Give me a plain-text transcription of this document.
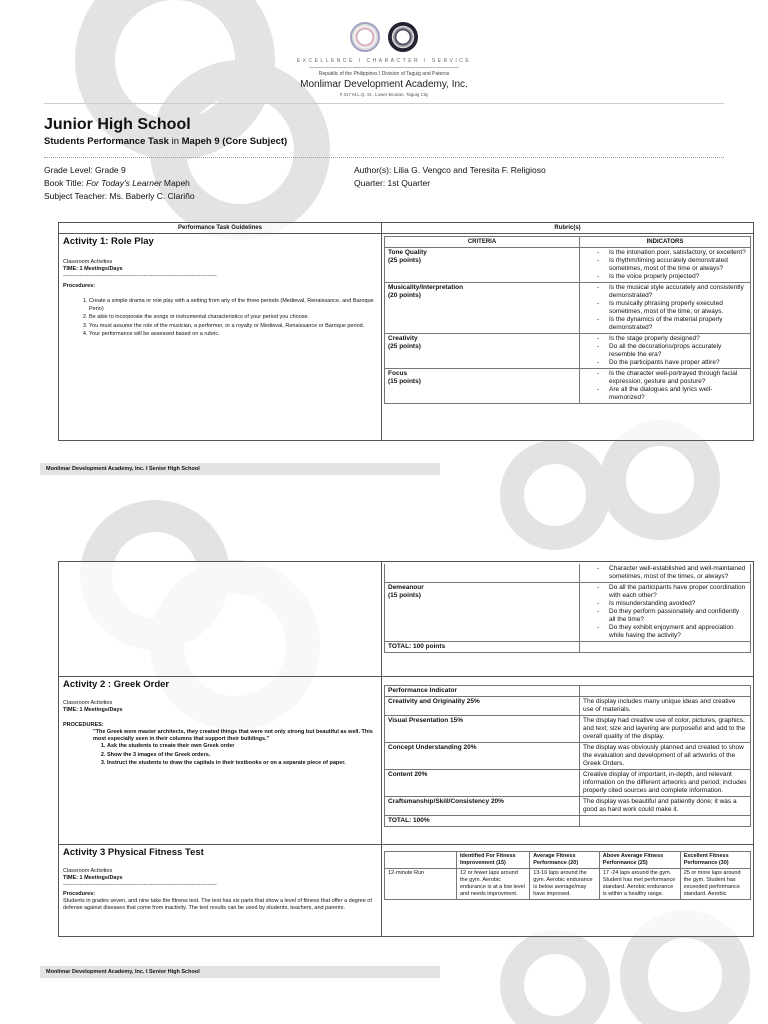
EXCELLENCE I CHARACTER I SERVICE
Republic of the Philippines I Division of Taguig and Pateros
Monlimar Development Academy, Inc.
# 317 M.L.Q. St., Lower Bicutan, Taguig City
Junior High School
Students Performance Task in Mapeh 9 (Core Subject)
Grade Level: Grade 9
Book Title: For Today's Learner Mapeh
Subject Teacher: Ms. Baberly C. Clariño
Author(s): Lilia G. Vengco and Teresita F. Religioso
Quarter: 1st Quarter
Performance Task Guidelines	Rubric(s)

Activity 1: Role Play
Classroom Activities
TIME: 1 Meetings/Days
------------------------------------------------------------------------------------
Procedures:
1. Create a simple drama or role play with a setting from any of the three periods (Medieval, Renaissance, and Baroque Perio)
2. Be able to incorporate the songs or instrumental characteristics of your period you choose.
3. You must assume the role of the musician, a performer, or a royalty or Medieval, Renaissance or Baroque period.
4. Your performance will be assessed based on a rubric.

CRITERIA	INDICATORS

Tone Quality
(25 points)

- Is the intonation poor, satisfactory, or excellent?
- Is rhythm/timing accurately demonstrated sometimes, most of the time or always?
- Is the voice properly projected?

Musicality/Interpretation
(20 points)

- Is the musical style accurately and consistently demonstrated?
- Is musically phrasing properly executed sometimes, most of the time, or always.
- Is the dynamics of the material properly demonstrated?

Creativity
(25 points)

- Is the stage properly designed?
- Do all the decorations/props accurately resemble the era?
- Do the participants have proper attire?

Focus
(15 points)

- Is the character well-portrayed through facial expression, gesture and posture?
- Are all the dialogues and lyrics well-memorized?
Monlimar Development Academy, Inc. I Senior High School

- Character well-established and well-maintained sometimes, most of the times, or always?

Demeanour
(15 points)

- Do all the participants have proper coordination with each other?
- Is misunderstanding avoided?
- Do they perform passionately and confidently all the time?
- Do they exhibit enjoyment and appreciation while having the activity?

TOTAL: 100 points	

Activity 2 : Greek Order
Classroom Activities
TIME: 1 Meetings/Days
PROCEDURES:
"The Greek were master architects, they created things that were not only strong but beautiful as well. This most especially seen in their columns that support their buildings."
1. Ask the students to create their own Greek order
2. Show the 3 images of the Greek orders.
3. Instruct the students to draw the capitals in their textbooks or on a separate piece of paper.

Performance Indicator	
Creativity and Originality 25%	The display includes many unique ideas and creative use of materials.
Visual Presentation 15%	The display had creative use of color, pictures, graphics, and text; size and layering are purposeful and add to the overall quality of the display.
Concept Understanding 20%	The display was obviously planned and created to show the evaluation and development of all artworks of the Greek Orders.
Content 20%	Creative display of important, in-depth, and relevant information on the different artworks and period; includes properly cited sources and complete information.
Craftsmanship/Skill/Consistency 20%	The display was beautiful and patiently done; it was a good as hard work could make it.
TOTAL: 100%	

Activity 3 Physical Fitness Test
Classroom Activities
TIME: 1 Meetings/Days
------------------------------------------------------------------------------------
Procedures:
Students in grades seven, and nine take the fitness test. The test has six parts that show a level of fitness that offer a degree of defense against diseases that come from inactivity. The test results can be used by students, teachers, and parents.

	Identified For Fitness Improvement (15)	Average Fitness Performance (20)	Above Average Fitness Performance (25)	Excellent Fitness Performance (30)
12-minute Run	12 or fewer laps around the gym. Aerobic endurance is at a low level and needs improvment.	13-16 laps around the gym. Aerobic endurance is below average/may have improved.	17 -24 laps around the gym. Student has met performance standard. Aerobic endurance is within a healthy range.	25 or more laps around the gym. Student has exceeded performance standard. Aerobic
Monlimar Development Academy, Inc. I Senior High School
